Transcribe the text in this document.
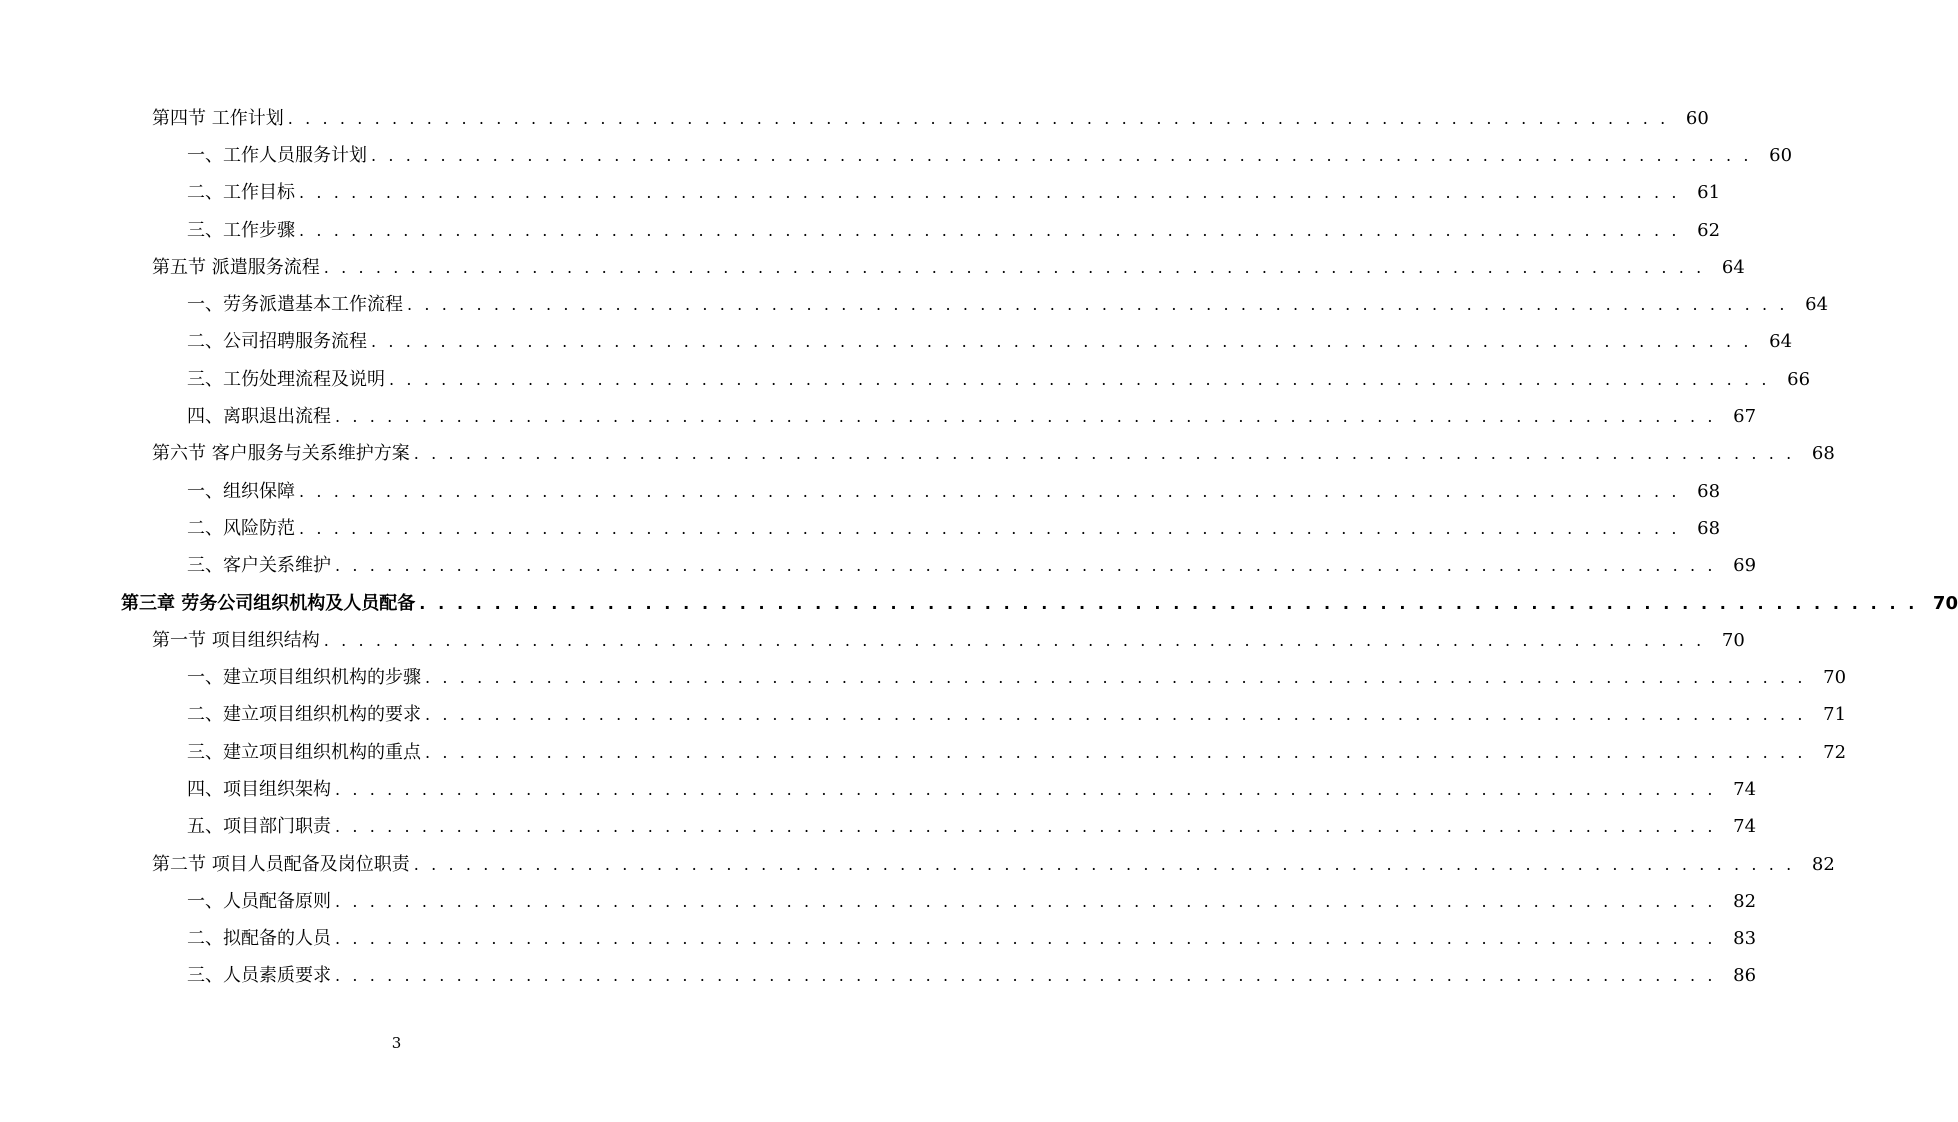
第四节 工作计划 . . . . . . . . . . . . . . . . . . . . . . . . . . . . . . . . . . . . . . . . . . . . . . . . . . . . . . . . . . . . . . . . . . . . . . . . . . . . . . . . 60
一、工作人员服务计划 . . . . . . . . . . . . . . . . . . . . . . . . . . . . . . . . . . . . . . . . . . . . . . . . . . . . . . . . . . . . . . . . . . . . . . . . . . . . . . . . 60
二、工作目标 . . . . . . . . . . . . . . . . . . . . . . . . . . . . . . . . . . . . . . . . . . . . . . . . . . . . . . . . . . . . . . . . . . . . . . . . . . . . . . . . 61
三、工作步骤 . . . . . . . . . . . . . . . . . . . . . . . . . . . . . . . . . . . . . . . . . . . . . . . . . . . . . . . . . . . . . . . . . . . . . . . . . . . . . . . . 62
第五节 派遣服务流程 . . . . . . . . . . . . . . . . . . . . . . . . . . . . . . . . . . . . . . . . . . . . . . . . . . . . . . . . . . . . . . . . . . . . . . . . . . . . . . . . 64
一、劳务派遣基本工作流程 . . . . . . . . . . . . . . . . . . . . . . . . . . . . . . . . . . . . . . . . . . . . . . . . . . . . . . . . . . . . . . . . . . . . . . . . . . . . . . . . 64
二、公司招聘服务流程 . . . . . . . . . . . . . . . . . . . . . . . . . . . . . . . . . . . . . . . . . . . . . . . . . . . . . . . . . . . . . . . . . . . . . . . . . . . . . . . . 64
三、工伤处理流程及说明 . . . . . . . . . . . . . . . . . . . . . . . . . . . . . . . . . . . . . . . . . . . . . . . . . . . . . . . . . . . . . . . . . . . . . . . . . . . . . . . . 66
四、离职退出流程 . . . . . . . . . . . . . . . . . . . . . . . . . . . . . . . . . . . . . . . . . . . . . . . . . . . . . . . . . . . . . . . . . . . . . . . . . . . . . . . . 67
第六节 客户服务与关系维护方案 . . . . . . . . . . . . . . . . . . . . . . . . . . . . . . . . . . . . . . . . . . . . . . . . . . . . . . . . . . . . . . . . . . . . . . . . . . . . . . . . 68
一、组织保障 . . . . . . . . . . . . . . . . . . . . . . . . . . . . . . . . . . . . . . . . . . . . . . . . . . . . . . . . . . . . . . . . . . . . . . . . . . . . . . . . 68
二、风险防范 . . . . . . . . . . . . . . . . . . . . . . . . . . . . . . . . . . . . . . . . . . . . . . . . . . . . . . . . . . . . . . . . . . . . . . . . . . . . . . . . 68
三、客户关系维护 . . . . . . . . . . . . . . . . . . . . . . . . . . . . . . . . . . . . . . . . . . . . . . . . . . . . . . . . . . . . . . . . . . . . . . . . . . . . . . . . 69
第三章 劳务公司组织机构及人员配备 . . . . . . . . . . . . . . . . . . . . . . . . . . . . . . . . . . . . . . . . . . . . . . . . . . . . . . . . . . . . . . . . . . . . . . . . . . . . . . . . 70
第一节 项目组织结构 . . . . . . . . . . . . . . . . . . . . . . . . . . . . . . . . . . . . . . . . . . . . . . . . . . . . . . . . . . . . . . . . . . . . . . . . . . . . . . . . 70
一、建立项目组织机构的步骤 . . . . . . . . . . . . . . . . . . . . . . . . . . . . . . . . . . . . . . . . . . . . . . . . . . . . . . . . . . . . . . . . . . . . . . . . . . . . . . . . 70
二、建立项目组织机构的要求 . . . . . . . . . . . . . . . . . . . . . . . . . . . . . . . . . . . . . . . . . . . . . . . . . . . . . . . . . . . . . . . . . . . . . . . . . . . . . . . . 71
三、建立项目组织机构的重点 . . . . . . . . . . . . . . . . . . . . . . . . . . . . . . . . . . . . . . . . . . . . . . . . . . . . . . . . . . . . . . . . . . . . . . . . . . . . . . . . 72
四、项目组织架构 . . . . . . . . . . . . . . . . . . . . . . . . . . . . . . . . . . . . . . . . . . . . . . . . . . . . . . . . . . . . . . . . . . . . . . . . . . . . . . . . 74
五、项目部门职责 . . . . . . . . . . . . . . . . . . . . . . . . . . . . . . . . . . . . . . . . . . . . . . . . . . . . . . . . . . . . . . . . . . . . . . . . . . . . . . . . 74
第二节 项目人员配备及岗位职责 . . . . . . . . . . . . . . . . . . . . . . . . . . . . . . . . . . . . . . . . . . . . . . . . . . . . . . . . . . . . . . . . . . . . . . . . . . . . . . . . 82
一、人员配备原则 . . . . . . . . . . . . . . . . . . . . . . . . . . . . . . . . . . . . . . . . . . . . . . . . . . . . . . . . . . . . . . . . . . . . . . . . . . . . . . . . 82
二、拟配备的人员 . . . . . . . . . . . . . . . . . . . . . . . . . . . . . . . . . . . . . . . . . . . . . . . . . . . . . . . . . . . . . . . . . . . . . . . . . . . . . . . . 83
三、人员素质要求 . . . . . . . . . . . . . . . . . . . . . . . . . . . . . . . . . . . . . . . . . . . . . . . . . . . . . . . . . . . . . . . . . . . . . . . . . . . . . . . . 86
3
